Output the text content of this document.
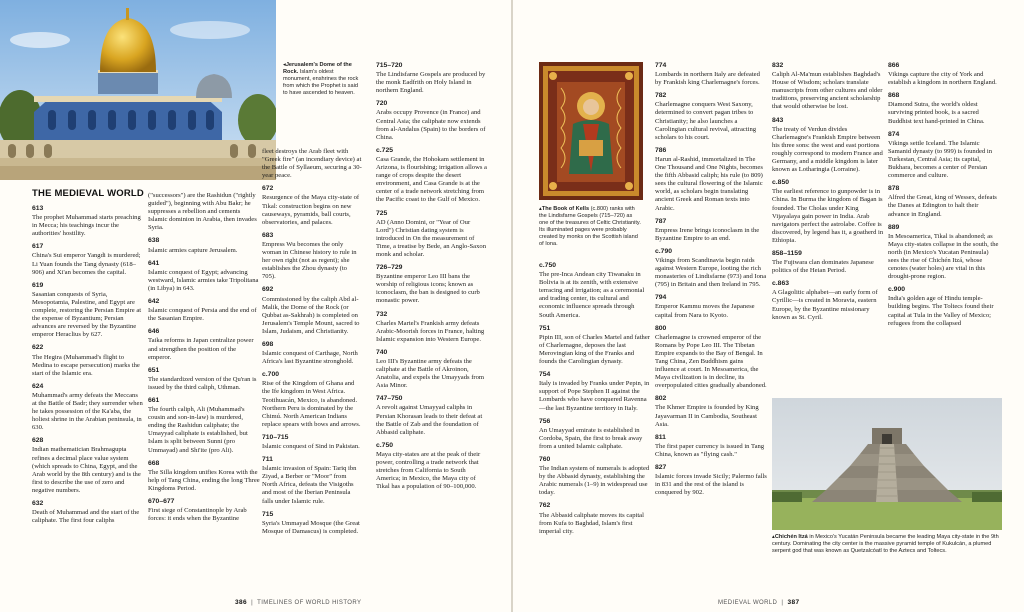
◂Jerusalem's Dome of the Rock. Islam's oldest monument, enshrines the rock from which the Prophet is said to have ascended to heaven.
THE MEDIEVAL WORLD
613
The prophet Muhammad starts preaching in Mecca; his teachings incur the authorities' hostility.
617
China's Sui emperor Yangdi is murdered; Li Yuan founds the Tang dynasty (618–906) and Xi'an becomes the capital.
619
Sasanian conquests of Syria, Mesopotamia, Palestine, and Egypt are complete, restoring the Persian Empire at the expense of Byzantium; Persian advances are reversed by the Byzantine emperor Heraclius by 627.
622
The Hegira (Muhammad's flight to Medina to escape persecution) marks the start of the Islamic era.
624
Muhammad's army defeats the Meccans at the Battle of Badr; they surrender when he takes possession of the Ka'aba, the holiest shrine in the Arabian peninsula, in 630.
628
Indian mathematician Brahmagupta refines a decimal place value system (which spreads to China, Egypt, and the Arab world by the 8th century) and is the first to describe the use of zero and negative numbers.
632
Death of Muhammad and the start of the caliphate. The first four caliphs
("successors") are the Rashidun ("rightly guided"), beginning with Abu Bakr; he suppresses a rebellion and cements Islamic dominion in Arabia, then invades Syria.
638
Islamic armies capture Jerusalem.
641
Islamic conquest of Egypt; advancing westward, Islamic armies take Tripolitana (in Libya) in 643.
642
Islamic conquest of Persia and the end of the Sasanian Empire.
646
Taika reforms in Japan centralize power and strengthen the position of the emperor.
651
The standardized version of the Qu'ran is issued by the third caliph, Uthman.
661
The fourth caliph, Ali (Muhammad's cousin and son-in-law) is murdered, ending the Rashidun caliphate; the Umayyad caliphate is established, but Islam is split between Sunni (pro Ummayad) and Shi'ite (pro Ali).
668
The Silla kingdom unifies Korea with the help of Tang China, ending the long Three Kingdoms Period.
670–677
First siege of Constantinople by Arab forces: it ends when the Byzantine
fleet destroys the Arab fleet with "Greek fire" (an incendiary device) at the Battle of Syllaeum, securing a 30-year peace.
672
Resurgence of the Maya city-state of Tikal: construction begins on new causeways, pyramids, ball courts, observatories, and palaces.
683
Empress Wu becomes the only woman in Chinese history to rule in her own right (not as regent); she establishes the Zhou dynasty (to 705).
692
Commissioned by the caliph Abd al-Malik, the Dome of the Rock (or Qubbat as-Sakhrah) is completed on Jerusalem's Temple Mount, sacred to Islam, Judaism, and Christianity.
698
Islamic conquest of Carthage, North Africa's last Byzantine stronghold.
c.700
Rise of the Kingdom of Ghana and the Ife kingdom in West Africa. Teotihuacán, Mexico, is abandoned. Northern Peru is dominated by the Chimú. North American Indians replace spears with bows and arrows.
710–715
Islamic conquest of Sind in Pakistan.
711
Islamic invasion of Spain: Tariq ibn Ziyad, a Berber or "Moor" from North Africa, defeats the Visigoths and most of the Iberian Peninsula falls under Islamic rule.
715
Syria's Ummayad Mosque (the Great Mosque of Damascus) is completed.
715–720
The Lindisfarne Gospels are produced by the monk Eadfrith on Holy Island in northern England.
720
Arabs occupy Provence (in France) and Central Asia; the caliphate now extends from al-Andalus (Spain) to the borders of China.
c.725
Casa Grande, the Hohokam settlement in Arizona, is flourishing; irrigation allows a range of crops despite the desert environment, and Casa Grande is at the center of a trade network stretching from the Pacific coast to the Gulf of Mexico.
725
AD (Anno Domini, or "Year of Our Lord") Christian dating system is introduced in On the measurement of Time, a treatise by Bede, an Anglo-Saxon monk and scholar.
726–729
Byzantine emperor Leo III bans the worship of religious icons; known as iconoclasm, the ban is designed to curb monastic power.
732
Charles Martel's Frankish army defeats Arabic-Moorish forces in France, halting Islamic expansion into Western Europe.
740
Leo III's Byzantine army defeats the caliphate at the Battle of Akroinon, Anatolia, and expels the Umayyads from Asia Minor.
747–750
A revolt against Umayyad caliphs in Persian Khorasan leads to their defeat at the Battle of Zab and the foundation of Abbasid caliphate.
c.750
Maya city-states are at the peak of their power, controlling a trade network that stretches from California to South America; in Mexico, the Maya city of Tikal has a population of 90–100,000.
386  |  TIMELINES OF WORLD HISTORY
▴The Book of Kells (c.800) ranks with the Lindisfarne Gospels (715–720) as one of the treasures of Celtic Christianity. Its illuminated pages were probably created by monks on the Scottish island of Iona.
c.750
The pre-Inca Andean city Tiwanaku in Bolivia is at its zenith, with extensive terracing and irrigation; as a ceremonial and trading center, its cultural and economic influence spreads through South America.
751
Pipin III, son of Charles Martel and father of Charlemagne, deposes the last Merovingian king of the Franks and founds the Carolingian dynasty.
754
Italy is invaded by Franks under Pepin, in support of Pope Stephen II against the Lombards who have conquered Ravenna—the last Byzantine territory in Italy.
756
An Umayyad emirate is established in Cordoba, Spain, the first to break away from a united Islamic caliphate.
760
The Indian system of numerals is adopted by the Abbasid dynasty, establishing the Arabic numerals (1–9) in widespread use today.
762
The Abbasid caliphate moves its capital from Kufa to Baghdad, Islam's first imperial city.
774
Lombards in northern Italy are defeated by Frankish king Charlemagne's forces.
782
Charlemagne conquers West Saxony, determined to convert pagan tribes to Christianity; he also launches a Carolingian cultural revival, attracting scholars to his court.
786
Harun al-Rashid, immortalized in The One Thousand and One Nights, becomes the fifth Abbasid caliph; his rule (to 809) sees the cultural flowering of the Islamic world, as scholars begin translating ancient Greek and Roman texts into Arabic.
787
Empress Irene brings iconoclasm in the Byzantine Empire to an end.
c.790
Vikings from Scandinavia begin raids against Western Europe, looting the rich monasteries of Lindisfarne (973) and Iona (795) in Britain and then Ireland in 795.
794
Emperor Kammu moves the Japanese capital from Nara to Kyoto.
800
Charlemagne is crowned emperor of the Romans by Pope Leo III. The Tibetan Empire expands to the Bay of Bengal. In Tang China, Zen Buddhism gains influence at court. In Mesoamerica, the Maya civilization is in decline, its overpopulated cities gradually abandoned.
802
The Khmer Empire is founded by King Jayavarman II in Cambodia, Southeast Asia.
811
The first paper currency is issued in Tang China, known as "flying cash."
827
Islamic forces invade Sicily; Palermo falls in 831 and the rest of the island is conquered by 902.
832
Caliph Al-Ma'mun establishes Baghdad's House of Wisdom; scholars translate manuscripts from other cultures and older traditions, preserving ancient scholarship that would otherwise be lost.
843
The treaty of Verdun divides Charlemagne's Frankish Empire between his three sons: the west and east portions roughly correspond to modern France and Germany, and a middle kingdom is later known as Lotharingia (Lorraine).
c.850
The earliest reference to gunpowder is in China. In Burma the kingdom of Bagan is founded. The Cholas under King Vijayalaya gain power in India. Arab navigators perfect the astrolabe. Coffee is discovered, by legend has it, a goatherd in Ethiopia.
858–1159
The Fujiwara clan dominates Japanese politics of the Heian Period.
c.863
A Glagolitic alphabet—an early form of Cyrillic—is created in Moravia, eastern Europe, by the Byzantine missionary known as St. Cyril.
866
Vikings capture the city of York and establish a kingdom in northern England.
868
Diamond Sutra, the world's oldest surviving printed book, is a sacred Buddhist text hand-printed in China.
874
Vikings settle Iceland. The Islamic Samanid dynasty (to 999) is founded in Turkestan, Central Asia; its capital, Bukhara, becomes a center of Persian commerce and culture.
878
Alfred the Great, king of Wessex, defeats the Danes at Edington to halt their advance in England.
889
In Mesoamerica, Tikal is abandoned; as Maya city-states collapse in the south, the north (in Mexico's Yucatan Peninsula) sees the rise of Chichén Itzá, whose cenotes (water holes) are vital in this drought-prone region.
c.900
India's golden age of Hindu temple-building begins. The Toltecs found their capital at Tula in the Valley of Mexico; refugees from the collapsed
▴Chichén Itzá in Mexico's Yucatán Peninsula became the leading Maya city-state in the 9th century. Dominating the city center is the massive pyramid temple of Kukulcán, a plumed serpent god that was known as Quetzalcóatl to the Aztecs and Toltecs.
MEDIEVAL WORLD  |  387
